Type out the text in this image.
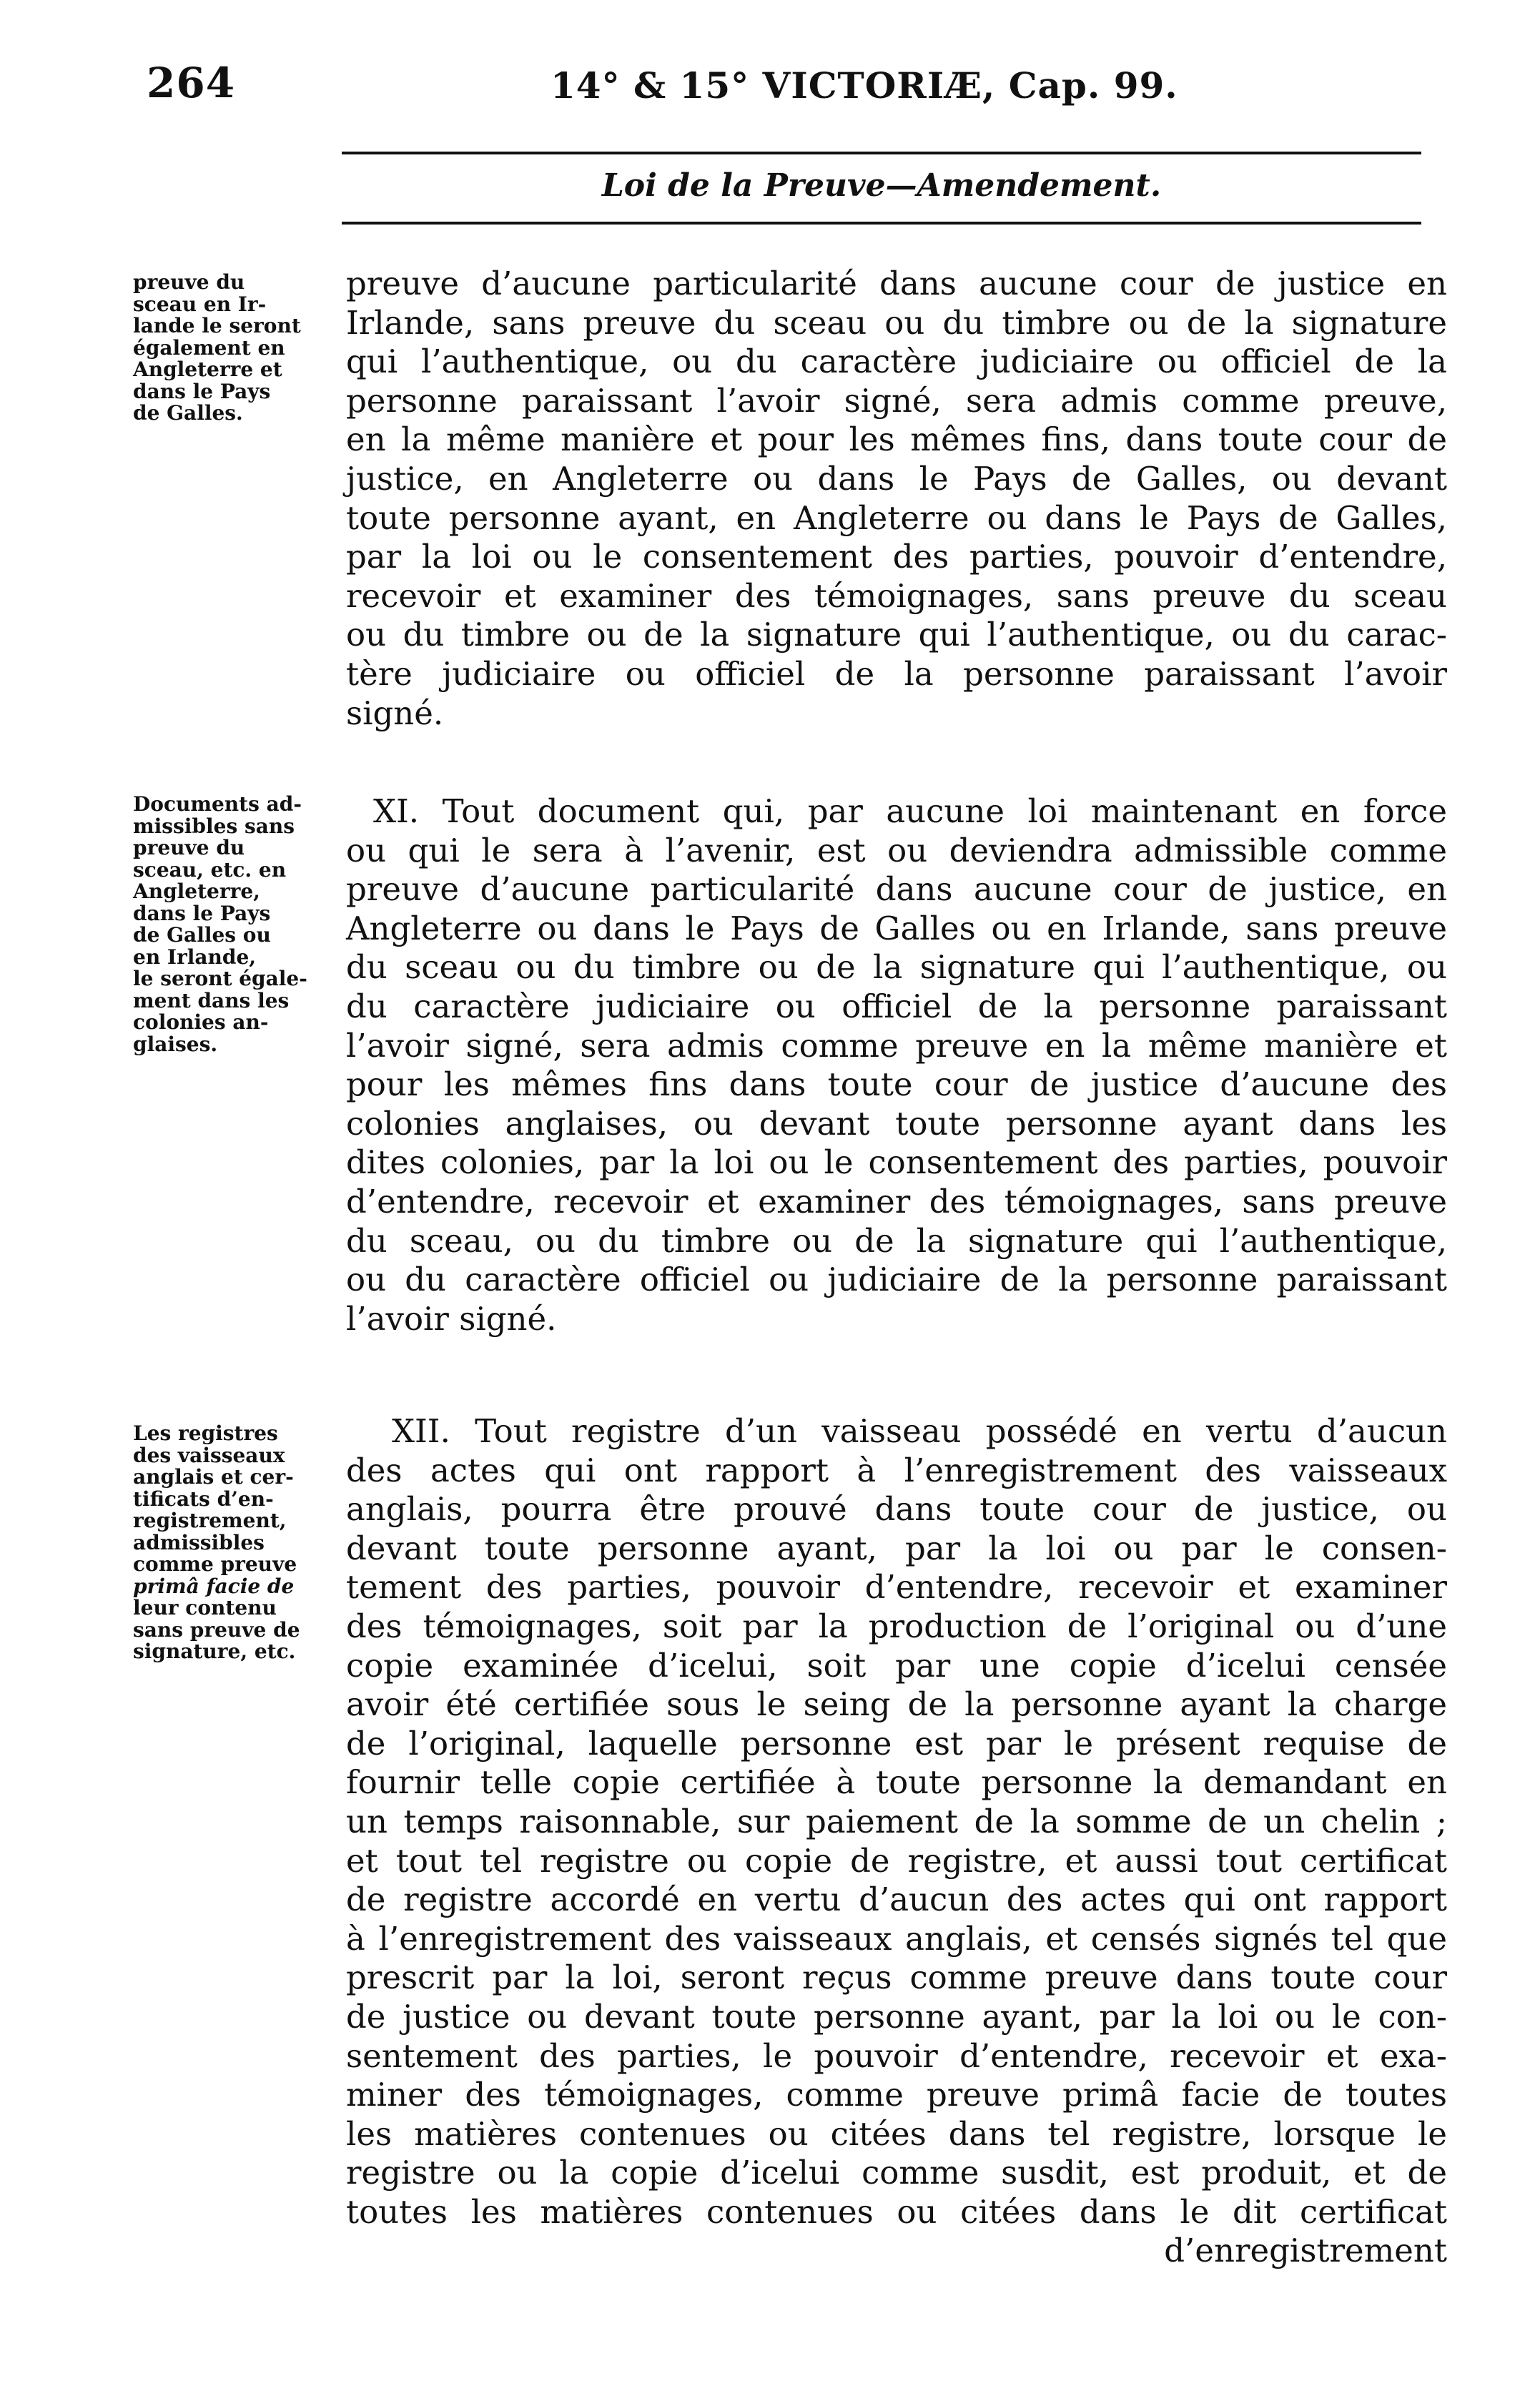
264	14° & 15° VICTORIÆ, Cap. 99.
Loi de la Preuve—Amendement.
preuve du
sceau en Ir-
lande le seront
également en
Angleterre et
dans le Pays
de Galles.
preuve d’aucune particularité dans aucune cour de justice en
Irlande, sans preuve du sceau ou du timbre ou de la signature
qui l’authentique, ou du caractère judiciaire ou officiel de la
personne paraissant l’avoir signé, sera admis comme preuve,
en la même manière et pour les mêmes fins, dans toute cour de
justice, en Angleterre ou dans le Pays de Galles, ou devant
toute personne ayant, en Angleterre ou dans le Pays de Galles,
par la loi ou le consentement des parties, pouvoir d’entendre,
recevoir et examiner des témoignages, sans preuve du sceau
ou du timbre ou de la signature qui l’authentique, ou du carac-
tère judiciaire ou officiel de la personne paraissant l’avoir
signé.
Documents ad-
missibles sans
preuve du
sceau, etc. en
Angleterre,
dans le Pays
de Galles ou
en Irlande,
le seront égale-
ment dans les
colonies an-
glaises.
XI. Tout document qui, par aucune loi maintenant en force
ou qui le sera à l’avenir, est ou deviendra admissible comme
preuve d’aucune particularité dans aucune cour de justice, en
Angleterre ou dans le Pays de Galles ou en Irlande, sans preuve
du sceau ou du timbre ou de la signature qui l’authentique, ou
du caractère judiciaire ou officiel de la personne paraissant
l’avoir signé, sera admis comme preuve en la même manière et
pour les mêmes fins dans toute cour de justice d’aucune des
colonies anglaises, ou devant toute personne ayant dans les
dites colonies, par la loi ou le consentement des parties, pouvoir
d’entendre, recevoir et examiner des témoignages, sans preuve
du sceau, ou du timbre ou de la signature qui l’authentique,
ou du caractère officiel ou judiciaire de la personne paraissant
l’avoir signé.
Les registres
des vaisseaux
anglais et cer-
tificats d’en-
registrement,
admissibles
comme preuve
primâ facie de
leur contenu
sans preuve de
signature, etc.
XII. Tout registre d’un vaisseau possédé en vertu d’aucun
des actes qui ont rapport à l’enregistrement des vaisseaux
anglais, pourra être prouvé dans toute cour de justice, ou
devant toute personne ayant, par la loi ou par le consen-
tement des parties, pouvoir d’entendre, recevoir et examiner
des témoignages, soit par la production de l’original ou d’une
copie examinée d’icelui, soit par une copie d’icelui censée
avoir été certifiée sous le seing de la personne ayant la charge
de l’original, laquelle personne est par le présent requise de
fournir telle copie certifiée à toute personne la demandant en
un temps raisonnable, sur paiement de la somme de un chelin ;
et tout tel registre ou copie de registre, et aussi tout certificat
de registre accordé en vertu d’aucun des actes qui ont rapport
à l’enregistrement des vaisseaux anglais, et censés signés tel que
prescrit par la loi, seront reçus comme preuve dans toute cour
de justice ou devant toute personne ayant, par la loi ou le con-
sentement des parties, le pouvoir d’entendre, recevoir et exa-
miner des témoignages, comme preuve primâ facie de toutes
les matières contenues ou citées dans tel registre, lorsque le
registre ou la copie d’icelui comme susdit, est produit, et de
toutes les matières contenues ou citées dans le dit certificat
d’enregistrement
